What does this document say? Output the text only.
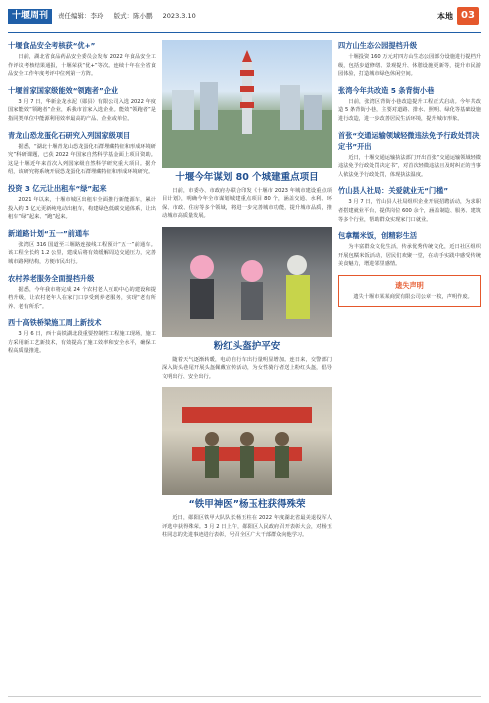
十堰周刊	责任编辑：李玲 版式：陈小鹏 2023.3.10	本地 03
十堰食品安全考核获“优+”

日前，湖北省食品药品安全委员会发布 2022 年食品安全工作评议考核结果通报，十堰荣获“优+”等次。连续十年在全省食品安全工作年度考评中位列第一方阵。

十堰首家国家级能效“领跑者”企业

3 月 7 日，华新金龙水泥（郧县）有限公司入选 2022 年度国家能效“领跑者”企业，系我市首家入选企业。能效“领跑者”是指同类单位中能源利用效率最高的产品、企业或单位。

青龙山恐龙蛋化石研究入列国家级项目

据悉，“湖北十堰青龙山恐龙蛋化石群埋藏特征和形成环境研究”科研课题，已获 2022 年国家自然科学基金面上项目资助。这是十堰近年来首次入列国家级自然科学研究重大项目。据介绍，该研究将系统开展恐龙蛋化石群埋藏特征和形成环境研究。

投资 3 亿元让出租车“绿”起来

2021 年以来，十堰市城区出租车全面推行新能源车，累计投入约 3 亿元更新纯电动出租车，构建绿色低碳交通体系，让出租车“绿”起来、“跑”起来。

新道路计划“五一”前通车

张湾区 316 国道至三堰路连接线工程预计“五一”前通车。该工程全长约 1.2 公里，建成后将有效缓解周边交通压力，完善城市路网结构，方便市民出行。

农村养老服务全面提档升级

据悉，今年我市将完成 24 个农村老人互助中心的建设和提档升级，让农村老年人在家门口享受到养老服务，实现“老有所养、老有所乐”。

西十高铁桥梁施工周上新技术

3 月 6 日，西十高铁湖北段重要控制性工程施工现场，施工方采用新工艺新技术，有效提高了施工效率和安全水平，确保工程高质量推进。

十堰今年谋划 80 个城建重点项目

日前，市委办、市政府办联合印发《十堰市 2023 年城市建设重点项目计划》，明确今年全市谋划城建重点项目 80 个，涵盖交通、水利、环保、市政、住房等多个领域，将进一步完善城市功能，提升城市品质，推动城市高质量发展。

粉红头盔护平安

随着天气逐渐转暖，电动自行车出行量明显增加。连日来，交警部门深入街头巷尾开展头盔佩戴宣传活动，为女性骑行者送上粉红头盔，倡导文明出行、安全出行。

“铁甲神医”杨玉柱获得殊荣

近日，郧阳区铁甲大队队长杨玉柱在 2022 年度湖北省最美退役军人评选中获得殊荣。3 月 2 日上午，郧阳区人民政府召开表彰大会，对杨玉柱同志的先进事迹进行表彰，号召全区广大干部群众向他学习。

四方山生态公园提档升级

十堰投资 160 万元对四方山生态公园部分设施进行提档升级，包括步道修缮、景观提升、休憩设施更新等，提升市民游园体验，打造城市绿色休闲空间。

张湾今年共改造 5 条背街小巷

日前，张湾区背街小巷改造提升工程正式启动。今年共改造 5 条背街小巷，主要对道路、排水、照明、绿化等基础设施进行改造，进一步改善居民生活环境，提升城市形象。

首张“交通运输领域轻微违法免予行政处罚决定书”开出

近日，十堰交通运输执法部门开出首张“交通运输领域轻微违法免予行政处罚决定书”，对首次轻微违法且及时纠正的当事人依法免予行政处罚，体现执法温度。

竹山县人社局：关爱就业无“门槛”

3 月 7 日，竹山县人社局组织企业开展招聘活动，为求职者搭建就业平台，提供岗位 600 余个，涵盖制造、服务、建筑等多个行业，帮助群众实现家门口就业。

包拿糯米饭，创精彩生活

为丰富群众文化生活，传承优秀传统文化，近日社区组织开展包糯米饭活动，居民们欢聚一堂，在动手实践中感受传统美食魅力，增进邻里感情。

遗失声明

遗失十堰市某某商贸有限公司公章一枚，声明作废。
